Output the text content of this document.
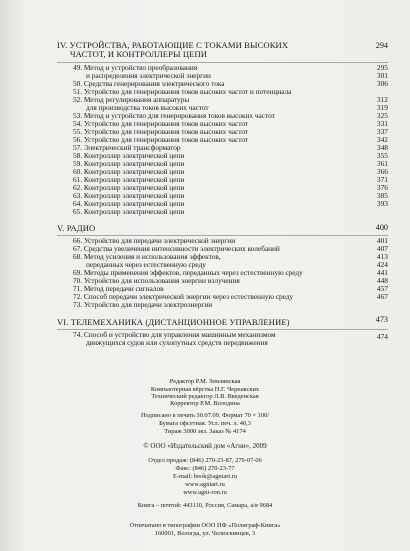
IV. УСТРОЙСТВА, РАБОТАЮЩИЕ С ТОКАМИ ВЫСОКИХ	294
ЧАСТОТ, И КОНТРОЛЛЕРЫ ЦЕПИ
49. Метод и устройство преобразования	295
и распределения электрической энергии	301
50. Средства генерирования электрического тока	306
51. Устройство для генерирования токов высоких частот и потенциала
52. Метод регулирования аппаратуры	312
для производства токов высоких частот	319
53. Метод и устройство для генерирования токов высоких частот	325
54. Устройство для генерирования токов высоких частот	331
55. Устройство для генерирования токов высоких частот	337
56. Устройство для генерирования токов высоких частот	342
57. Электрический трансформатор	348
58. Контроллер электрической цепи	355
59. Контроллер электрической цепи	361
60. Контроллер электрической цепи	366
61. Контроллер электрической цепи	371
62. Контроллер электрической цепи	376
63. Контроллер электрической цепи	385
64. Контроллер электрической цепи	393
65. Контроллер электрической цепи
V. РАДИО	400
66. Устройство для передачи электрической энергии	401
67. Средства увеличения интенсивности электрических колебаний	407
68. Метод усиления и использования эффектов,	413
переданных через естественную среду	424
69. Методы применения эффектов, переданных через естественную среду	441
70. Устройство для использования энергии излучения	448
71. Метод передачи сигналов	457
72. Способ передачи электрической энергии через естественную среду	467
73. Устройство для передачи электроэнергии
VI. ТЕЛЕМЕХАНИКА (ДИСТАНЦИОННОЕ УПРАВЛЕНИЕ)	473
74. Способ и устройство для управления машинным механизмом	474
движущихся судов или сухопутных средств передвижения
Редактор Р.М. Землянская
Компьютерная вёрстка Н.Г. Чернавских
Технический редактор Л.В. Введенская
Корректор Р.М. Володина
Подписано в печать 30.07.09. Формат 70 × 100/
Бумага офсетная. Усл. печ. л. 40,3
Тираж 3000 экз. Заказ № 4174
© ООО «Издательский дом «Агни», 2009
Отдел продаж: (846) 270-23-87, 279-07-06
Факс: (846) 270-23-77
E-mail: book@agniart.ru
www.agniart.ru
www.agni-ron.ru
Книга – почтой: 443110, Россия, Самара, а/я 9684
Отпечатано в типографии ООО ПФ «Полиграф-Книга»
160001, Вологда, ул. Челюскинцев, 3
